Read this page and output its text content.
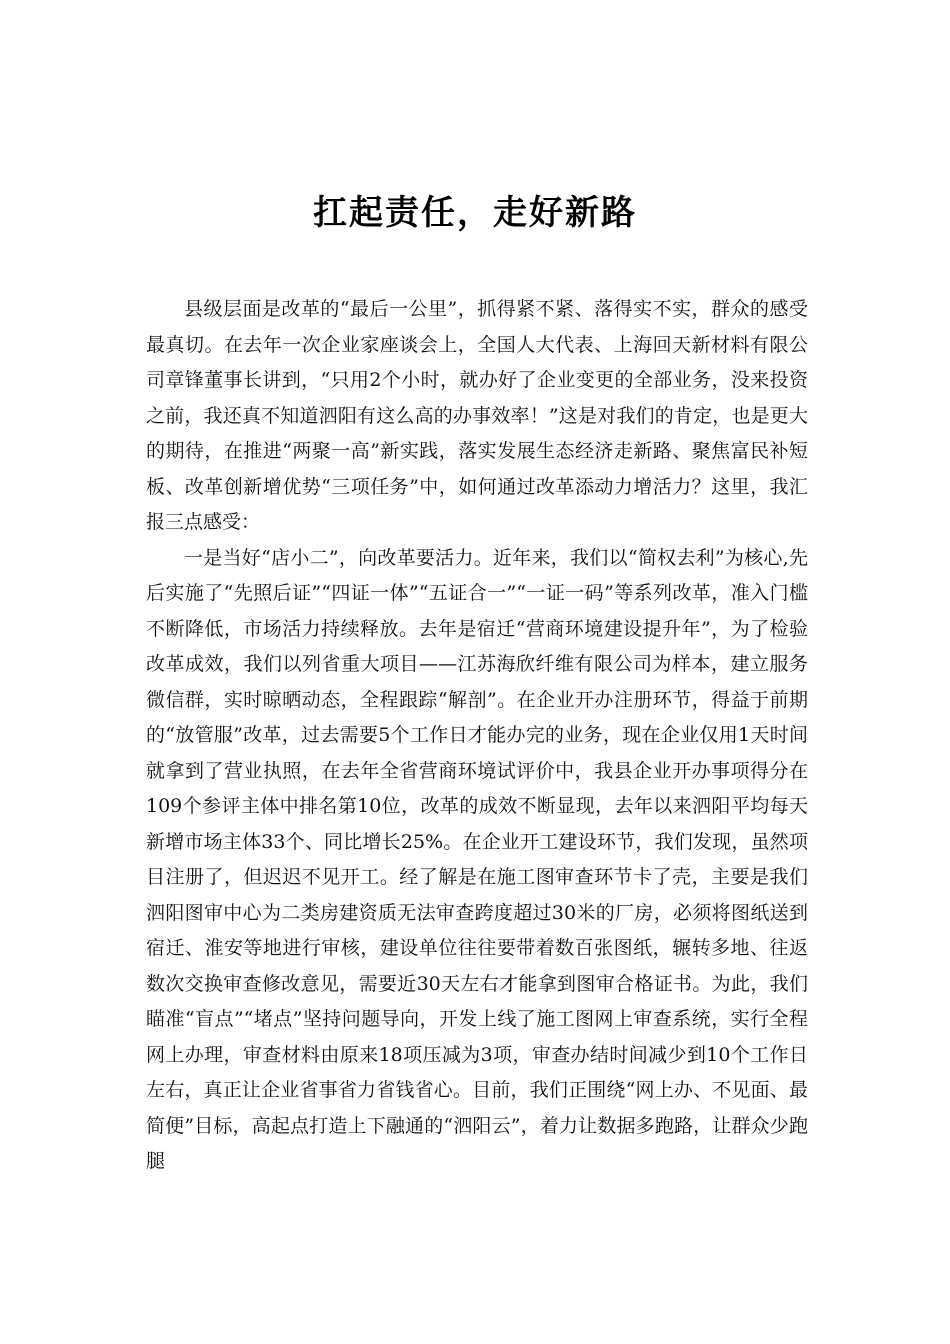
扛起责任，走好新路

县级层面是改革的“最后一公里”，抓得紧不紧、落得实不实，群众的感受最真切。在去年一次企业家座谈会上，全国人大代表、上海回天新材料有限公司章锋董事长讲到，“只用2个小时，就办好了企业变更的全部业务，没来投资之前，我还真不知道泗阳有这么高的办事效率！”这是对我们的肯定，也是更大的期待，在推进“两聚一高”新实践，落实发展生态经济走新路、聚焦富民补短板、改革创新增优势“三项任务”中，如何通过改革添动力增活力？这里，我汇报三点感受：

一是当好“店小二”，向改革要活力。近年来，我们以“简权去利”为核心,先后实施了“先照后证”“四证一体”“五证合一”“一证一码”等系列改革，准入门槛不断降低，市场活力持续释放。去年是宿迁“营商环境建设提升年”，为了检验改革成效，我们以列省重大项目——江苏海欣纤维有限公司为样本，建立服务微信群，实时晾晒动态，全程跟踪“解剖”。在企业开办注册环节，得益于前期的“放管服”改革，过去需要5个工作日才能办完的业务，现在企业仅用1天时间就拿到了营业执照，在去年全省营商环境试评价中，我县企业开办事项得分在109个参评主体中排名第10位，改革的成效不断显现，去年以来泗阳平均每天新增市场主体33个、同比增长25%。在企业开工建设环节，我们发现，虽然项目注册了，但迟迟不见开工。经了解是在施工图审查环节卡了壳，主要是我们泗阳图审中心为二类房建资质无法审查跨度超过30米的厂房，必须将图纸送到宿迁、淮安等地进行审核，建设单位往往要带着数百张图纸，辗转多地、往返数次交换审查修改意见，需要近30天左右才能拿到图审合格证书。为此，我们瞄准“盲点”“堵点”坚持问题导向，开发上线了施工图网上审查系统，实行全程网上办理，审查材料由原来18项压减为3项，审查办结时间减少到10个工作日左右，真正让企业省事省力省钱省心。目前，我们正围绕“网上办、不见面、最简便”目标，高起点打造上下融通的“泗阳云”，着力让数据多跑路，让群众少跑腿
